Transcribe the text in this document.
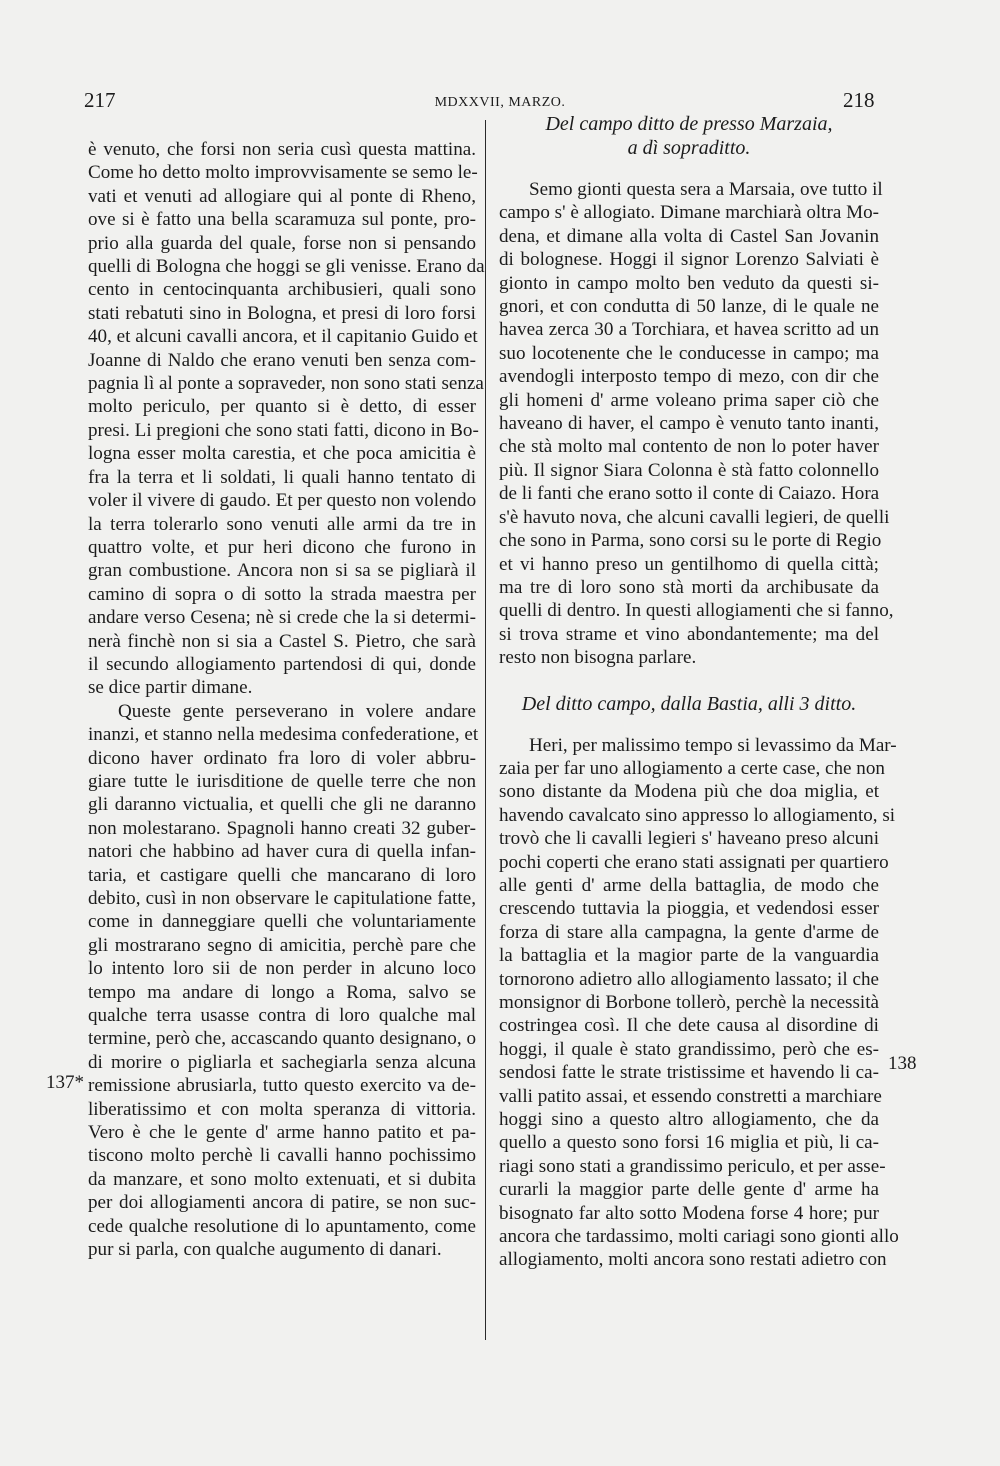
217	MDXXVII, MARZO.	218
è venuto, che forsi non seria cusì questa mattina.
Come ho detto molto improvvisamente se semo le-
vati et venuti ad allogiare qui al ponte di Rheno,
ove si è fatto una bella scaramuza sul ponte, pro-
prio alla guarda del quale, forse non si pensando
quelli di Bologna che hoggi se gli venisse. Erano da
cento in centocinquanta archibusieri, quali sono
stati rebatuti sino in Bologna, et presi di loro forsi
40, et alcuni cavalli ancora, et il capitanio Guido et
Joanne di Naldo che erano venuti ben senza com-
pagnia lì al ponte a sopraveder, non sono stati senza
molto periculo, per quanto si è detto, di esser
presi. Li pregioni che sono stati fatti, dicono in Bo-
logna esser molta carestia, et che poca amicitia è
fra la terra et li soldati, li quali hanno tentato di
voler il vivere di gaudo. Et per questo non volendo
la terra tolerarlo sono venuti alle armi da tre in
quattro volte, et pur heri dicono che furono in
gran combustione. Ancora non si sa se pigliarà il
camino di sopra o di sotto la strada maestra per
andare verso Cesena; nè si crede che la si determi-
nerà finchè non si sia a Castel S. Pietro, che sarà
il secundo allogiamento partendosi di qui, donde
se dice partir dimane.
Queste gente perseverano in volere andare
inanzi, et stanno nella medesima confederatione, et
dicono haver ordinato fra loro di voler abbru-
giare tutte le iurisditione de quelle terre che non
gli daranno victualia, et quelli che gli ne daranno
non molestarano. Spagnoli hanno creati 32 guber-
natori che habbino ad haver cura di quella infan-
taria, et castigare quelli che mancarano di loro
debito, cusì in non observare le capitulatione fatte,
come in danneggiare quelli che voluntariamente
gli mostrarano segno di amicitia, perchè pare che
lo intento loro sii de non perder in alcuno loco
tempo ma andare di longo a Roma, salvo se
qualche terra usasse contra di loro qualche mal
termine, però che, accascando quanto designano, o
di morire o pigliarla et sachegiarla senza alcuna
remissione abrusiarla, tutto questo exercito va de-
liberatissimo et con molta speranza di vittoria.
Vero è che le gente d' arme hanno patito et pa-
tiscono molto perchè li cavalli hanno pochissimo
da manzare, et sono molto extenuati, et si dubita
per doi allogiamenti ancora di patire, se non suc-
cede qualche resolutione di lo apuntamento, come
pur si parla, con qualche augumento di danari.
Del campo ditto de presso Marzaia,
a dì sopraditto.
Semo gionti questa sera a Marsaia, ove tutto il
campo s' è allogiato. Dimane marchiarà oltra Mo-
dena, et dimane alla volta di Castel San Jovanin
di bolognese. Hoggi il signor Lorenzo Salviati è
gionto in campo molto ben veduto da questi si-
gnori, et con condutta di 50 lanze, di le quale ne
havea zerca 30 a Torchiara, et havea scritto ad un
suo locotenente che le conducesse in campo; ma
avendogli interposto tempo di mezo, con dir che
gli homeni d' arme voleano prima saper ciò che
haveano di haver, el campo è venuto tanto inanti,
che stà molto mal contento de non lo poter haver
più. Il signor Siara Colonna è stà fatto colonnello
de li fanti che erano sotto il conte di Caiazo. Hora
s'è havuto nova, che alcuni cavalli legieri, de quelli
che sono in Parma, sono corsi su le porte di Regio
et vi hanno preso un gentilhomo di quella città;
ma tre di loro sono stà morti da archibusate da
quelli di dentro. In questi allogiamenti che si fanno,
si trova strame et vino abondantemente; ma del
resto non bisogna parlare.
Del ditto campo, dalla Bastia, alli 3 ditto.
Heri, per malissimo tempo si levassimo da Mar-
zaia per far uno allogiamento a certe case, che non
sono distante da Modena più che doa miglia, et
havendo cavalcato sino appresso lo allogiamento, si
trovò che li cavalli legieri s' haveano preso alcuni
pochi coperti che erano stati assignati per quartiero
alle genti d' arme della battaglia, de modo che
crescendo tuttavia la pioggia, et vedendosi esser
forza di stare alla campagna, la gente d'arme de
la battaglia et la magior parte de la vanguardia
tornorono adietro allo allogiamento lassato; il che
monsignor di Borbone tollerò, perchè la necessità
costringea così. Il che dete causa al disordine di
hoggi, il quale è stato grandissimo, però che es-
sendosi fatte le strate tristissime et havendo li ca-
valli patito assai, et essendo constretti a marchiare
hoggi sino a questo altro allogiamento, che da
quello a questo sono forsi 16 miglia et più, li ca-
riagi sono stati a grandissimo periculo, et per asse-
curarli la maggior parte delle gente d' arme ha
bisognato far alto sotto Modena forse 4 hore; pur
ancora che tardassimo, molti cariagi sono gionti allo
allogiamento, molti ancora sono restati adietro con
137*
138
